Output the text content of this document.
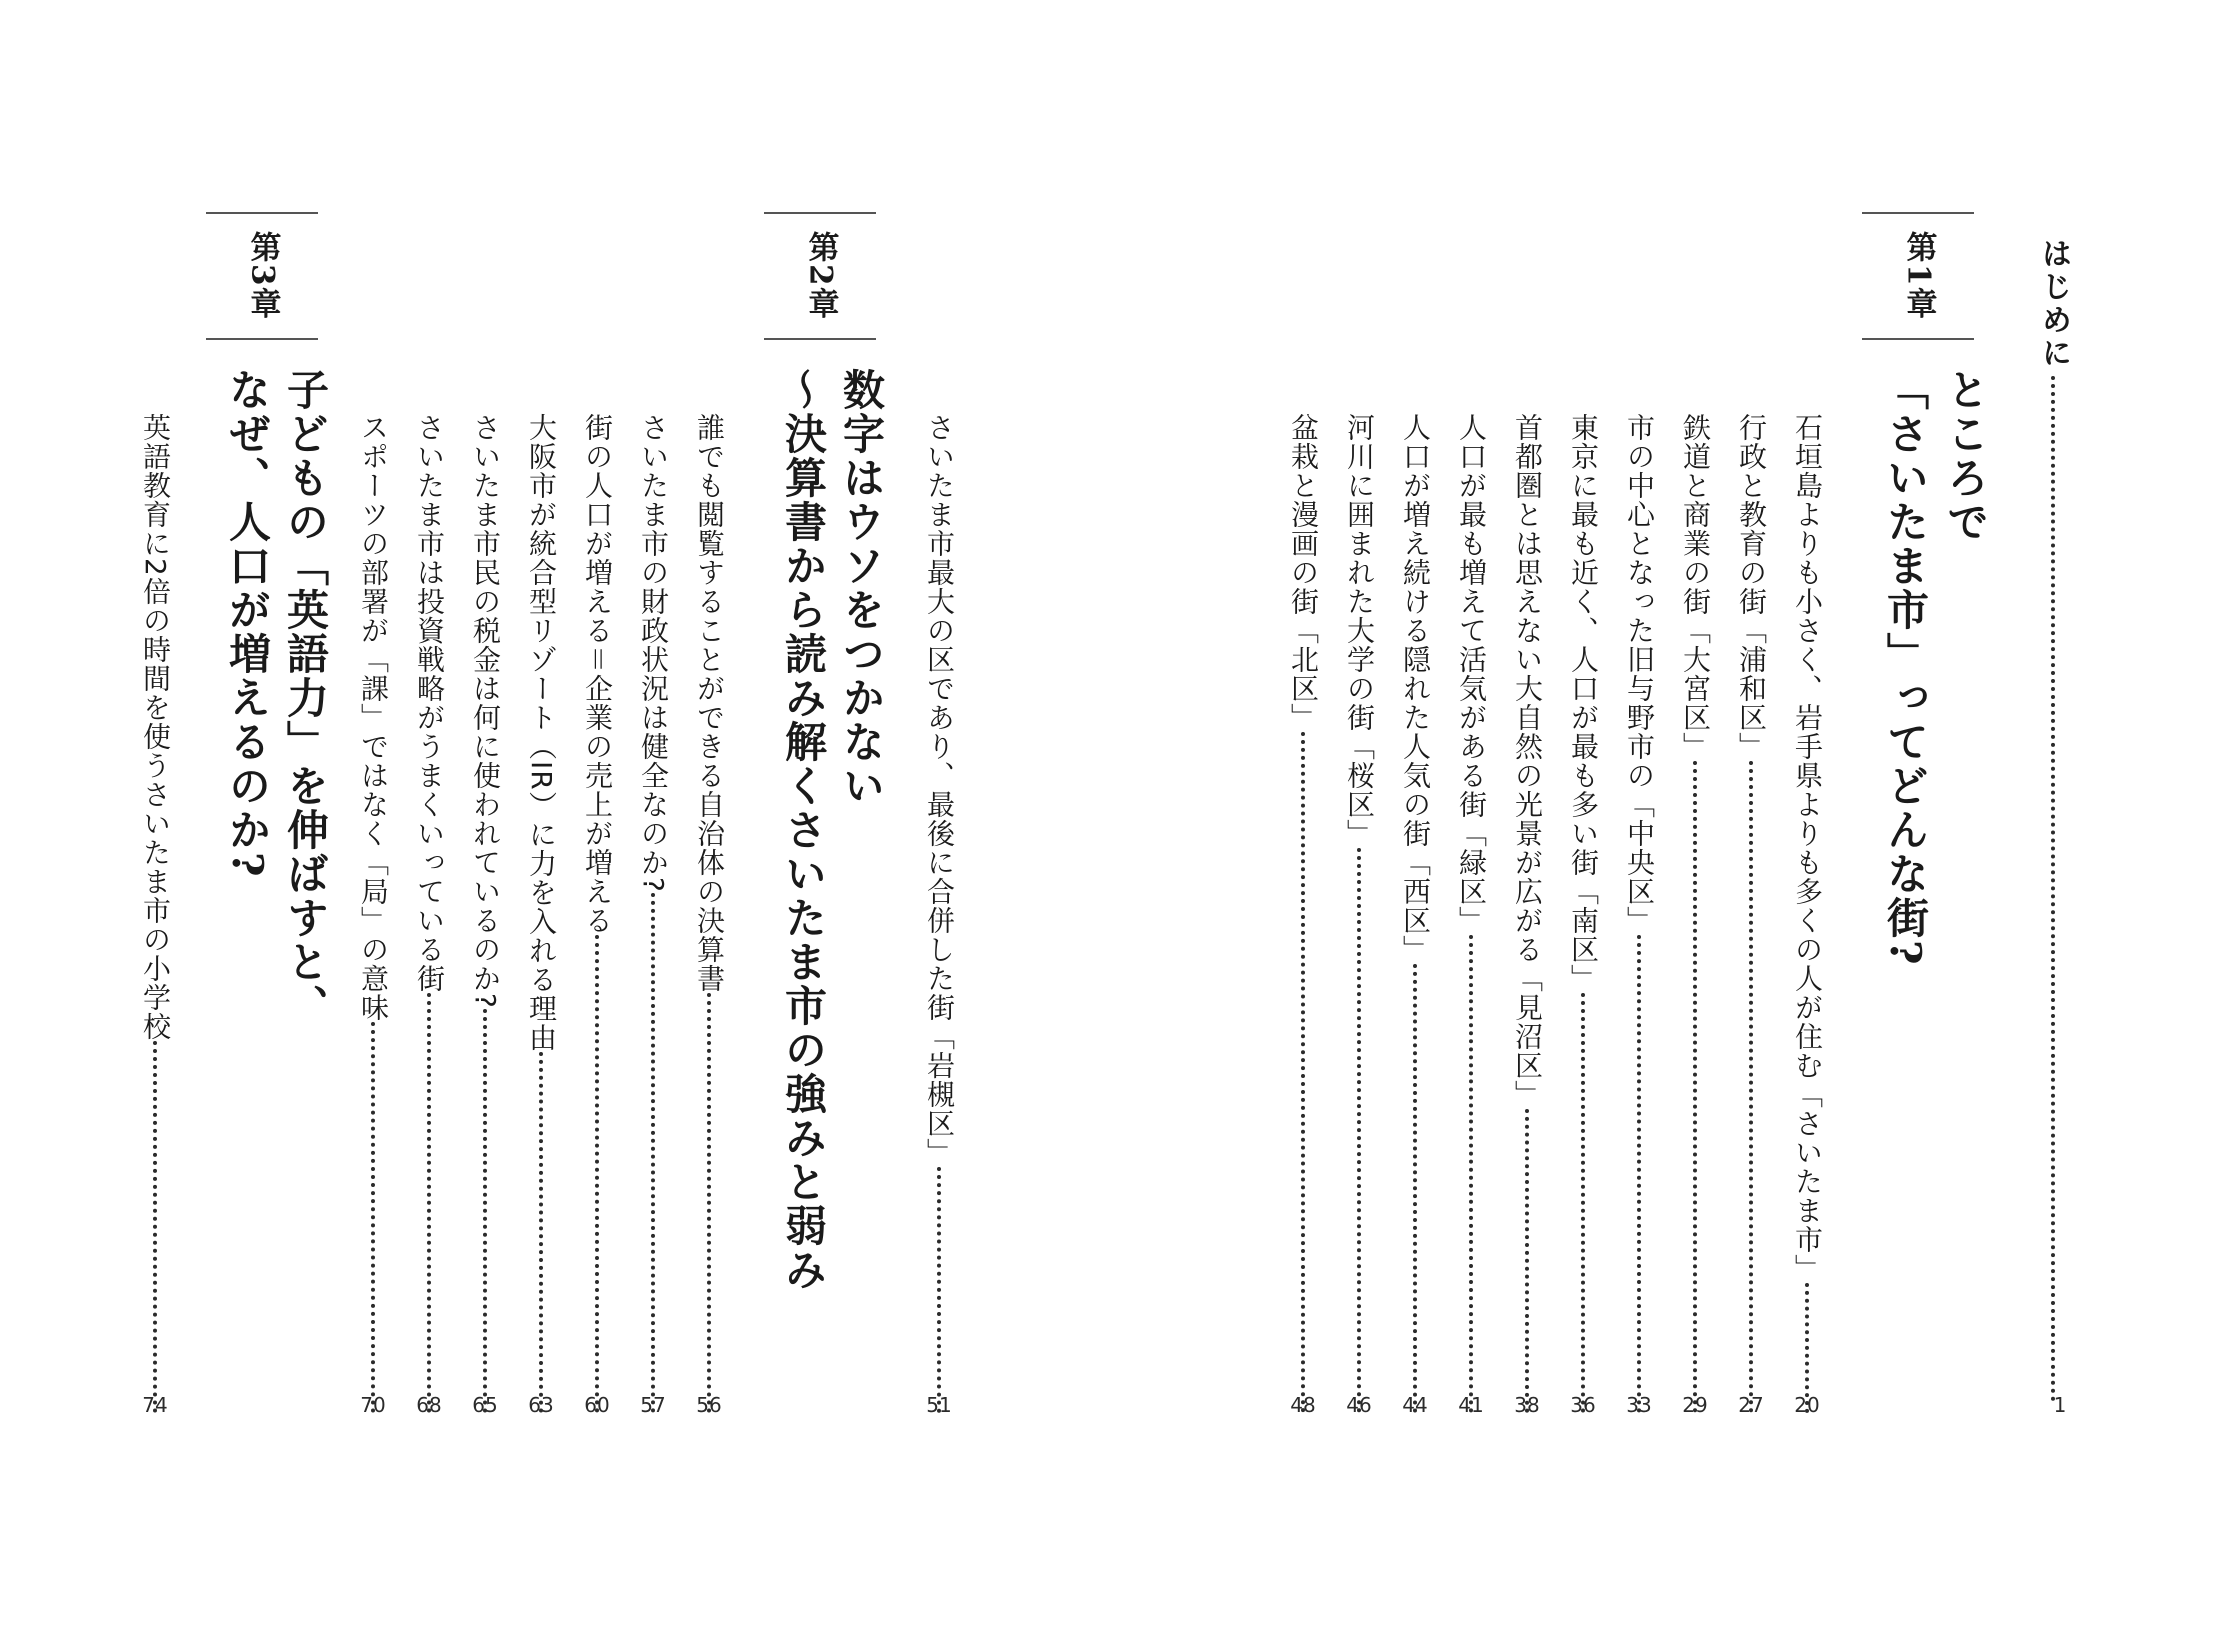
はじめに
1
第1章
ところで
「さいたま市」ってどんな街?
石垣島よりも小さく、岩手県よりも多くの人が住む「さいたま市」
20
行政と教育の街「浦和区」
27
鉄道と商業の街「大宮区」
29
市の中心となった旧与野市の「中央区」
33
東京に最も近く、人口が最も多い街「南区」
36
首都圏とは思えない大自然の光景が広がる「見沼区」
38
人口が最も増えて活気がある街「緑区」
41
人口が増え続ける隠れた人気の街「西区」
44
河川に囲まれた大学の街「桜区」
46
盆栽と漫画の街「北区」
48
さいたま市最大の区であり、最後に合併した街「岩槻区」
51
第2章
数字はウソをつかない
～決算書から読み解くさいたま市の強みと弱み
誰でも閲覧することができる自治体の決算書
56
さいたま市の財政状況は健全なのか?
57
街の人口が増える＝企業の売上が増える
60
大阪市が統合型リゾート（IR）に力を入れる理由
63
さいたま市民の税金は何に使われているのか?
65
さいたま市は投資戦略がうまくいっている街
68
スポーツの部署が「課」ではなく「局」の意味
70
第3章
子どもの「英語力」を伸ばすと、
なぜ、人口が増えるのか?
英語教育に2倍の時間を使うさいたま市の小学校
74
